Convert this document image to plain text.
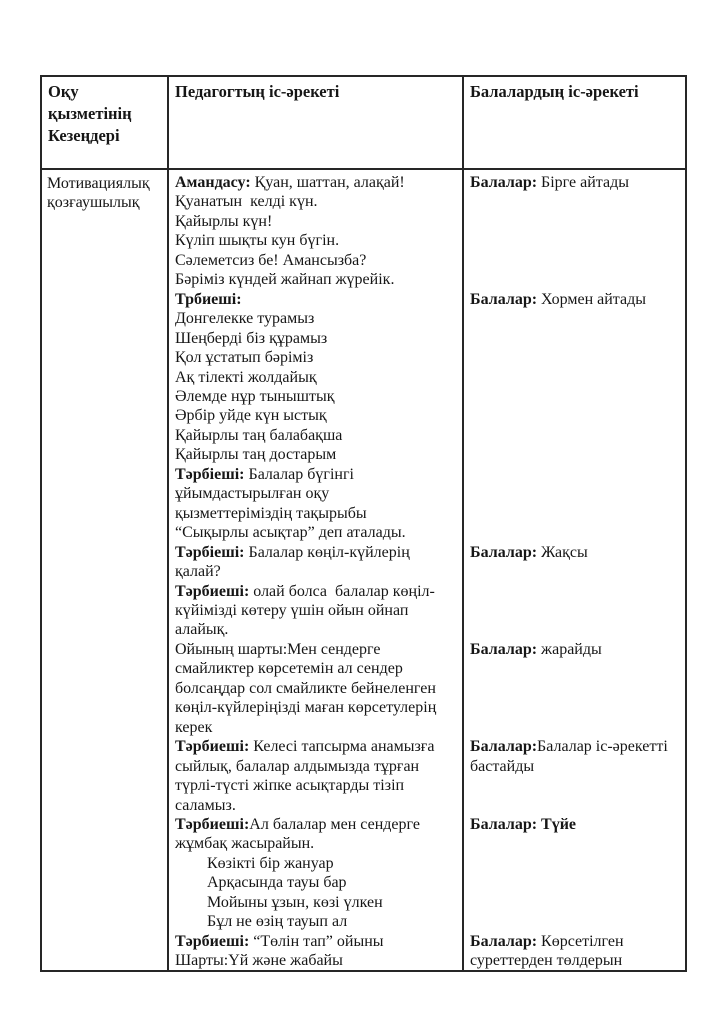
Оқу қызметінің Кезеңдері
Педагогтың іс-әрекеті	Балалардың іс-әрекеті
Мотивациялық қозғаушылық
Амандасу: Қуан, шаттан, алақай!
Қуанатын  келді күн.
Қайырлы күн!
Күліп шықты кун бүгін.
Сәлеметсиз бе! Амансызба?
Бәріміз күндей жайнап жүрейік.
Трбиеші:
Донгелекке турамыз
Шеңберді біз құрамыз
Қол ұстатып бәріміз
Ақ тілекті жолдайық
Әлемде нұр тыныштық
Әрбір уйде күн ыстық
Қайырлы таң балабақша
Қайырлы таң достарым
Тәрбіеші: Балалар бүгінгі
ұйымдастырылған оқу
қызметтеріміздің тақырыбы
“Сықырлы асықтар” деп аталады.
Тәрбіеші: Балалар көңіл-күйлерің
қалай?
Тәрбиеші: олай болса  балалар көңіл-
күйімізді көтеру үшін ойын ойнап
алайық.
Ойының шарты:Мен сендерге
смайликтер көрсетемін ал сендер
болсаңдар сол смайликте бейнеленген
көңіл-күйлеріңізді маған көрсетулерің
керек
Тәрбиеші: Келесі тапсырма анамызға
сыйлық, балалар алдымызда тұрған
түрлі-түсті жіпке асықтарды тізіп
саламыз.
Тәрбиеші:Ал балалар мен сендерге
жұмбақ жасырайын.
Көзікті бір жануар
Арқасында тауы бар
Мойыны ұзын, көзі үлкен
Бұл не өзің тауып ал
Тәрбиеші: “Төлін тап” ойыны
Шарты:Үй және жабайы
Балалар: Бірге айтады
Балалар: Хормен айтады
Балалар: Жақсы
Балалар: жарайды
Балалар:Балалар іс-әрекетті бастайды
Балалар: Түйе
Балалар: Көрсетілген суреттерден төлдерын
